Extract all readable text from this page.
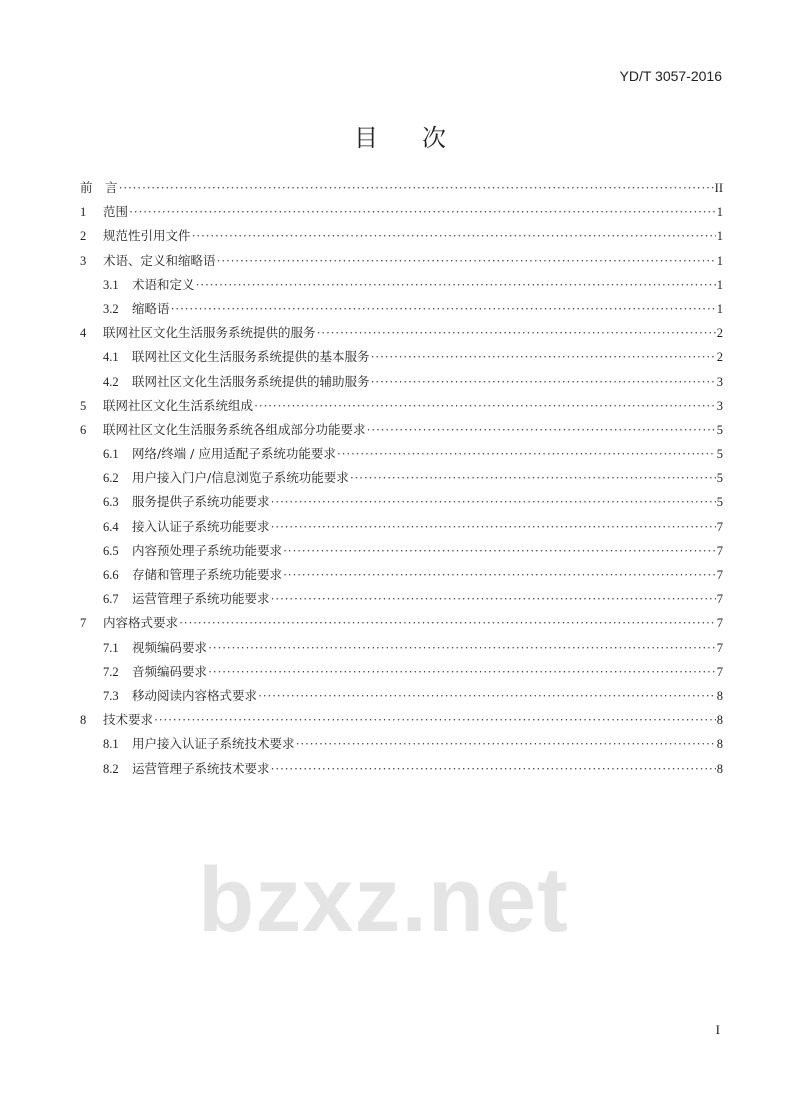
YD/T 3057-2016
bzxz.net
目 次
前　言 ·····	II
1	范围 ·····	1
2	规范性引用文件 ·····	1
3	术语、定义和缩略语 ·····	1
3.1	术语和定义 ·····	1
3.2	缩略语 ·····	1
4	联网社区文化生活服务系统提供的服务 ·····	2
4.1	联网社区文化生活服务系统提供的基本服务 ·····	2
4.2	联网社区文化生活服务系统提供的辅助服务 ·····	3
5	联网社区文化生活系统组成 ·····	3
6	联网社区文化生活服务系统各组成部分功能要求 ·····	5
6.1	网络/终端 / 应用适配子系统功能要求 ·····	5
6.2	用户接入门户/信息浏览子系统功能要求 ·····	5
6.3	服务提供子系统功能要求 ·····	5
6.4	接入认证子系统功能要求 ·····	7
6.5	内容预处理子系统功能要求 ·····	7
6.6	存储和管理子系统功能要求 ·····	7
6.7	运营管理子系统功能要求 ·····	7
7	内容格式要求 ·····	7
7.1	视频编码要求 ·····	7
7.2	音频编码要求 ·····	7
7.3	移动阅读内容格式要求 ·····	8
8	技术要求 ·····	8
8.1	用户接入认证子系统技术要求 ·····	8
8.2	运营管理子系统技术要求 ·····	8
I
